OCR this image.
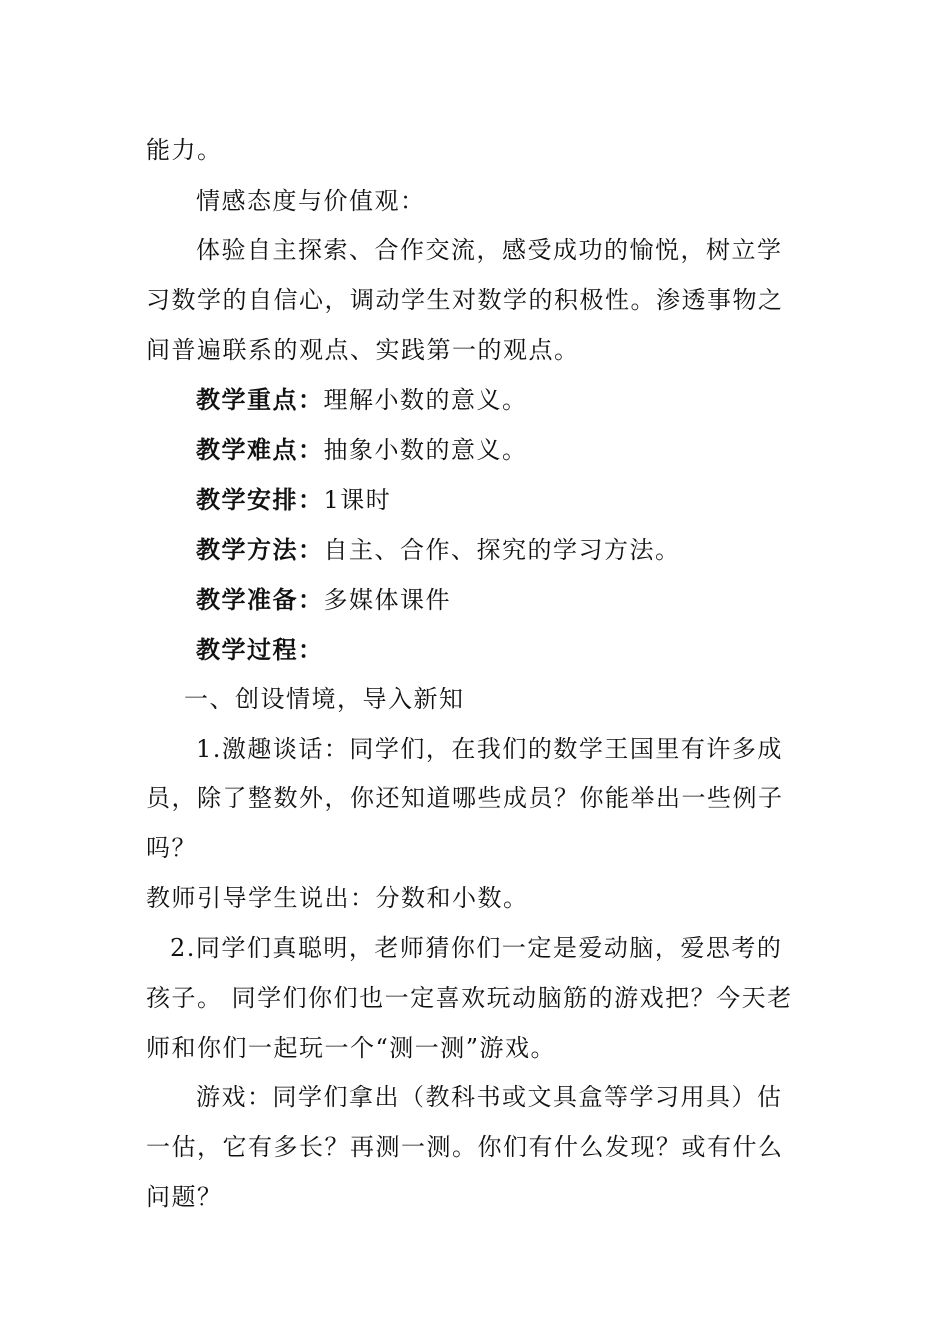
能力。
情感态度与价值观：
体验自主探索、合作交流，感受成功的愉悦，树立学
习数学的自信心，调动学生对数学的积极性。渗透事物之
间普遍联系的观点、实践第一的观点。
教学重点：理解小数的意义。
教学难点：抽象小数的意义。
教学安排：1课时
教学方法：自主、合作、探究的学习方法。
教学准备：多媒体课件
教学过程：
一、创设情境，导入新知
1.激趣谈话：同学们，在我们的数学王国里有许多成
员，除了整数外，你还知道哪些成员？你能举出一些例子
吗？
教师引导学生说出：分数和小数。
2.同学们真聪明，老师猜你们一定是爱动脑，爱思考的
孩子。 同学们你们也一定喜欢玩动脑筋的游戏把？今天老
师和你们一起玩一个“测一测”游戏。
游戏：同学们拿出（教科书或文具盒等学习用具）估
一估，它有多长？再测一测。你们有什么发现？或有什么
问题？
